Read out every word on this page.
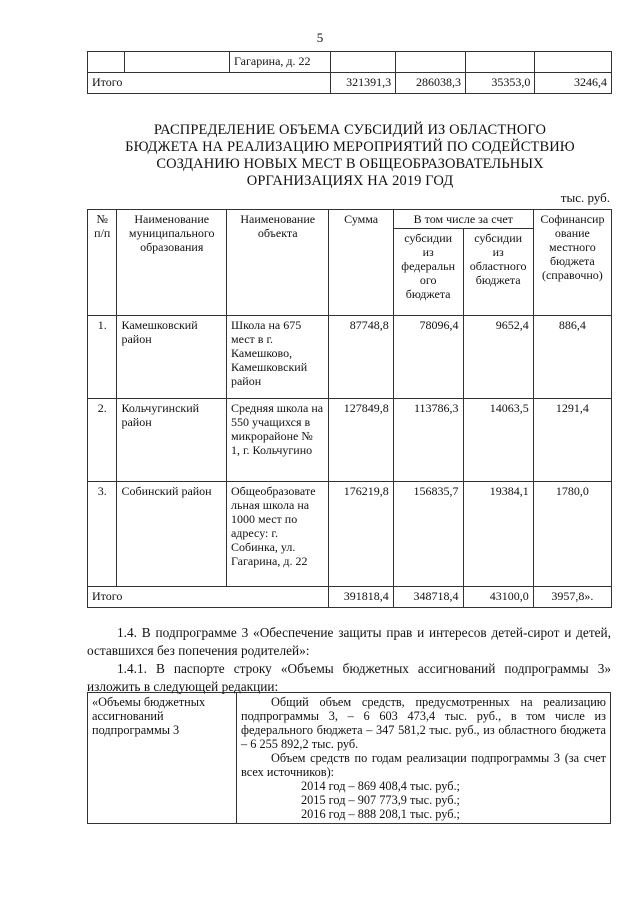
5
		Гагарина, д. 22				
Итого			321391,3	286038,3	35353,0	3246,4
РАСПРЕДЕЛЕНИЕ ОБЪЕМА СУБСИДИЙ ИЗ ОБЛАСТНОГО
БЮДЖЕТА НА РЕАЛИЗАЦИЮ МЕРОПРИЯТИЙ ПО СОДЕЙСТВИЮ
СОЗДАНИЮ НОВЫХ МЕСТ В ОБЩЕОБРАЗОВАТЕЛЬНЫХ
ОРГАНИЗАЦИЯХ НА 2019 ГОД
тыс. руб.
№ п/п	Наименование муниципального образования	Наименование объекта	Сумма	В том числе за счет		Софинансир ование местного бюджета (справочно)
				субсидии из федеральн ого бюджета	субсидии из областного бюджета	
1.	Камешковский район	Школа на 675 мест в г. Камешково, Камешковский район	87748,8	78096,4	9652,4	886,4
2.	Кольчугинский район	Средняя школа на 550 учащихся в микрорайоне № 1, г. Кольчугино	127849,8	113786,3	14063,5	1291,4
3.	Собинский район	Общеобразовате льная школа на 1000 мест по адресу: г. Собинка, ул. Гагарина, д. 22	176219,8	156835,7	19384,1	1780,0
Итого			391818,4	348718,4	43100,0	3957,8».
1.4. В подпрограмме 3 «Обеспечение защиты прав и интересов детей-сирот и детей, оставшихся без попечения родителей»:
1.4.1. В паспорте строку «Объемы бюджетных ассигнований подпрограммы 3» изложить в следующей редакции:
«Объемы бюджетных ассигнований подпрограммы 3	
Общий объем средств, предусмотренных на реализацию подпрограммы 3, – 6 603 473,4 тыс. руб., в том числе из федерального бюджета – 347 581,2 тыс. руб., из областного бюджета – 6 255 892,2 тыс. руб.
Объем средств по годам реализации подпрограммы 3 (за счет всех источников):
2014 год – 869 408,4 тыс. руб.;
2015 год – 907 773,9 тыс. руб.;
2016 год – 888 208,1 тыс. руб.;
